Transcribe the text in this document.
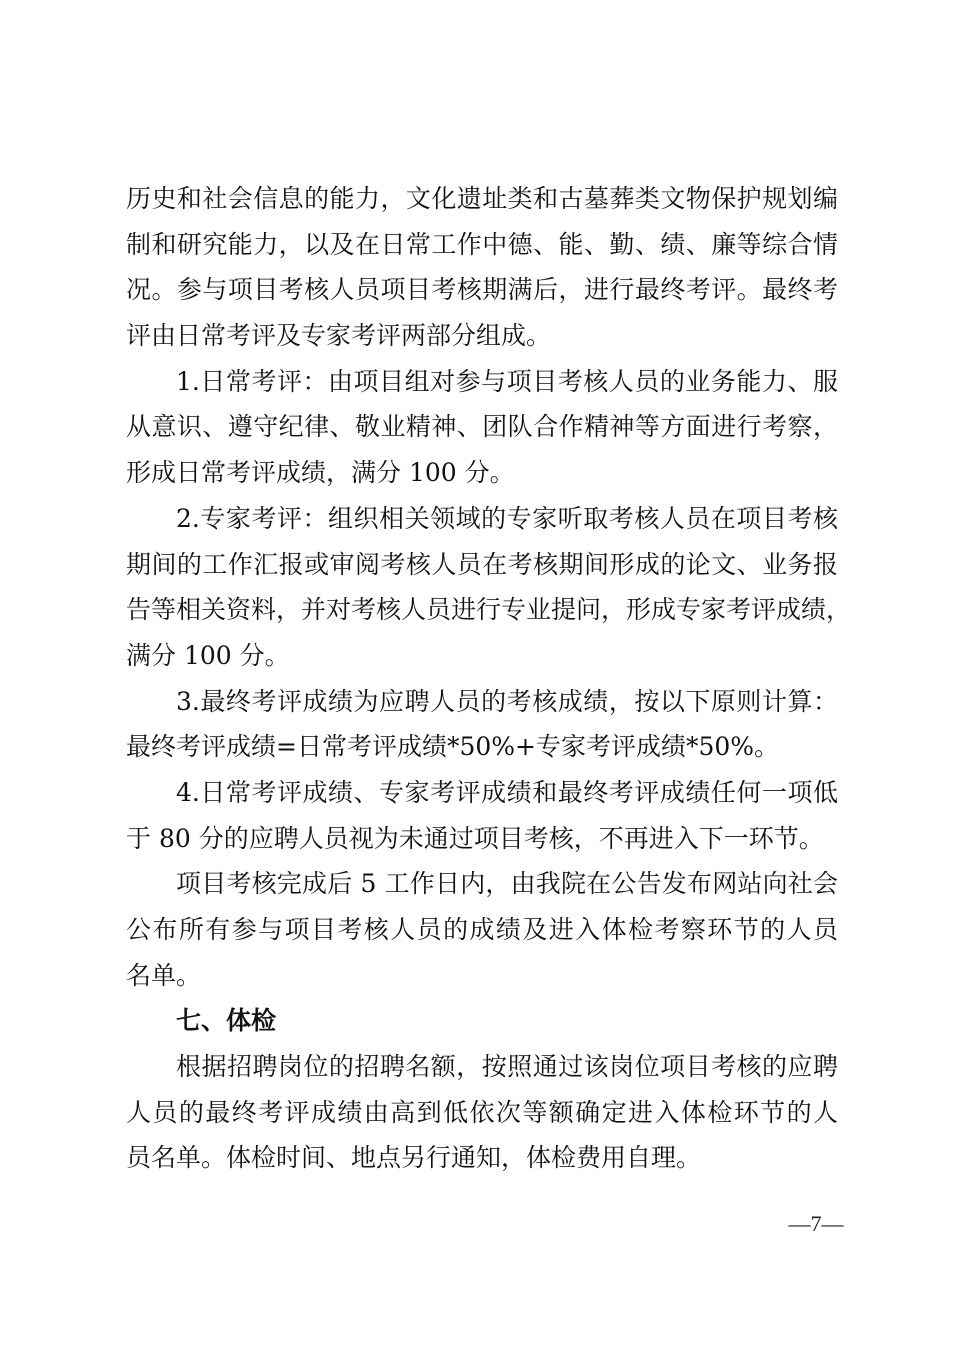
历史和社会信息的能力，文化遗址类和古墓葬类文物保护规划编
制和研究能力，以及在日常工作中德、能、勤、绩、廉等综合情
况。参与项目考核人员项目考核期满后，进行最终考评。最终考
评由日常考评及专家考评两部分组成。
1.日常考评：由项目组对参与项目考核人员的业务能力、服
从意识、遵守纪律、敬业精神、团队合作精神等方面进行考察，
形成日常考评成绩，满分 100 分。
2.专家考评：组织相关领域的专家听取考核人员在项目考核
期间的工作汇报或审阅考核人员在考核期间形成的论文、业务报
告等相关资料，并对考核人员进行专业提问，形成专家考评成绩，
满分 100 分。
3.最终考评成绩为应聘人员的考核成绩，按以下原则计算：
最终考评成绩=日常考评成绩*50%+专家考评成绩*50%。
4.日常考评成绩、专家考评成绩和最终考评成绩任何一项低
于 80 分的应聘人员视为未通过项目考核，不再进入下一环节。
项目考核完成后 5 工作日内，由我院在公告发布网站向社会
公布所有参与项目考核人员的成绩及进入体检考察环节的人员
名单。
七、体检
根据招聘岗位的招聘名额，按照通过该岗位项目考核的应聘
人员的最终考评成绩由高到低依次等额确定进入体检环节的人
员名单。体检时间、地点另行通知，体检费用自理。
—7—
